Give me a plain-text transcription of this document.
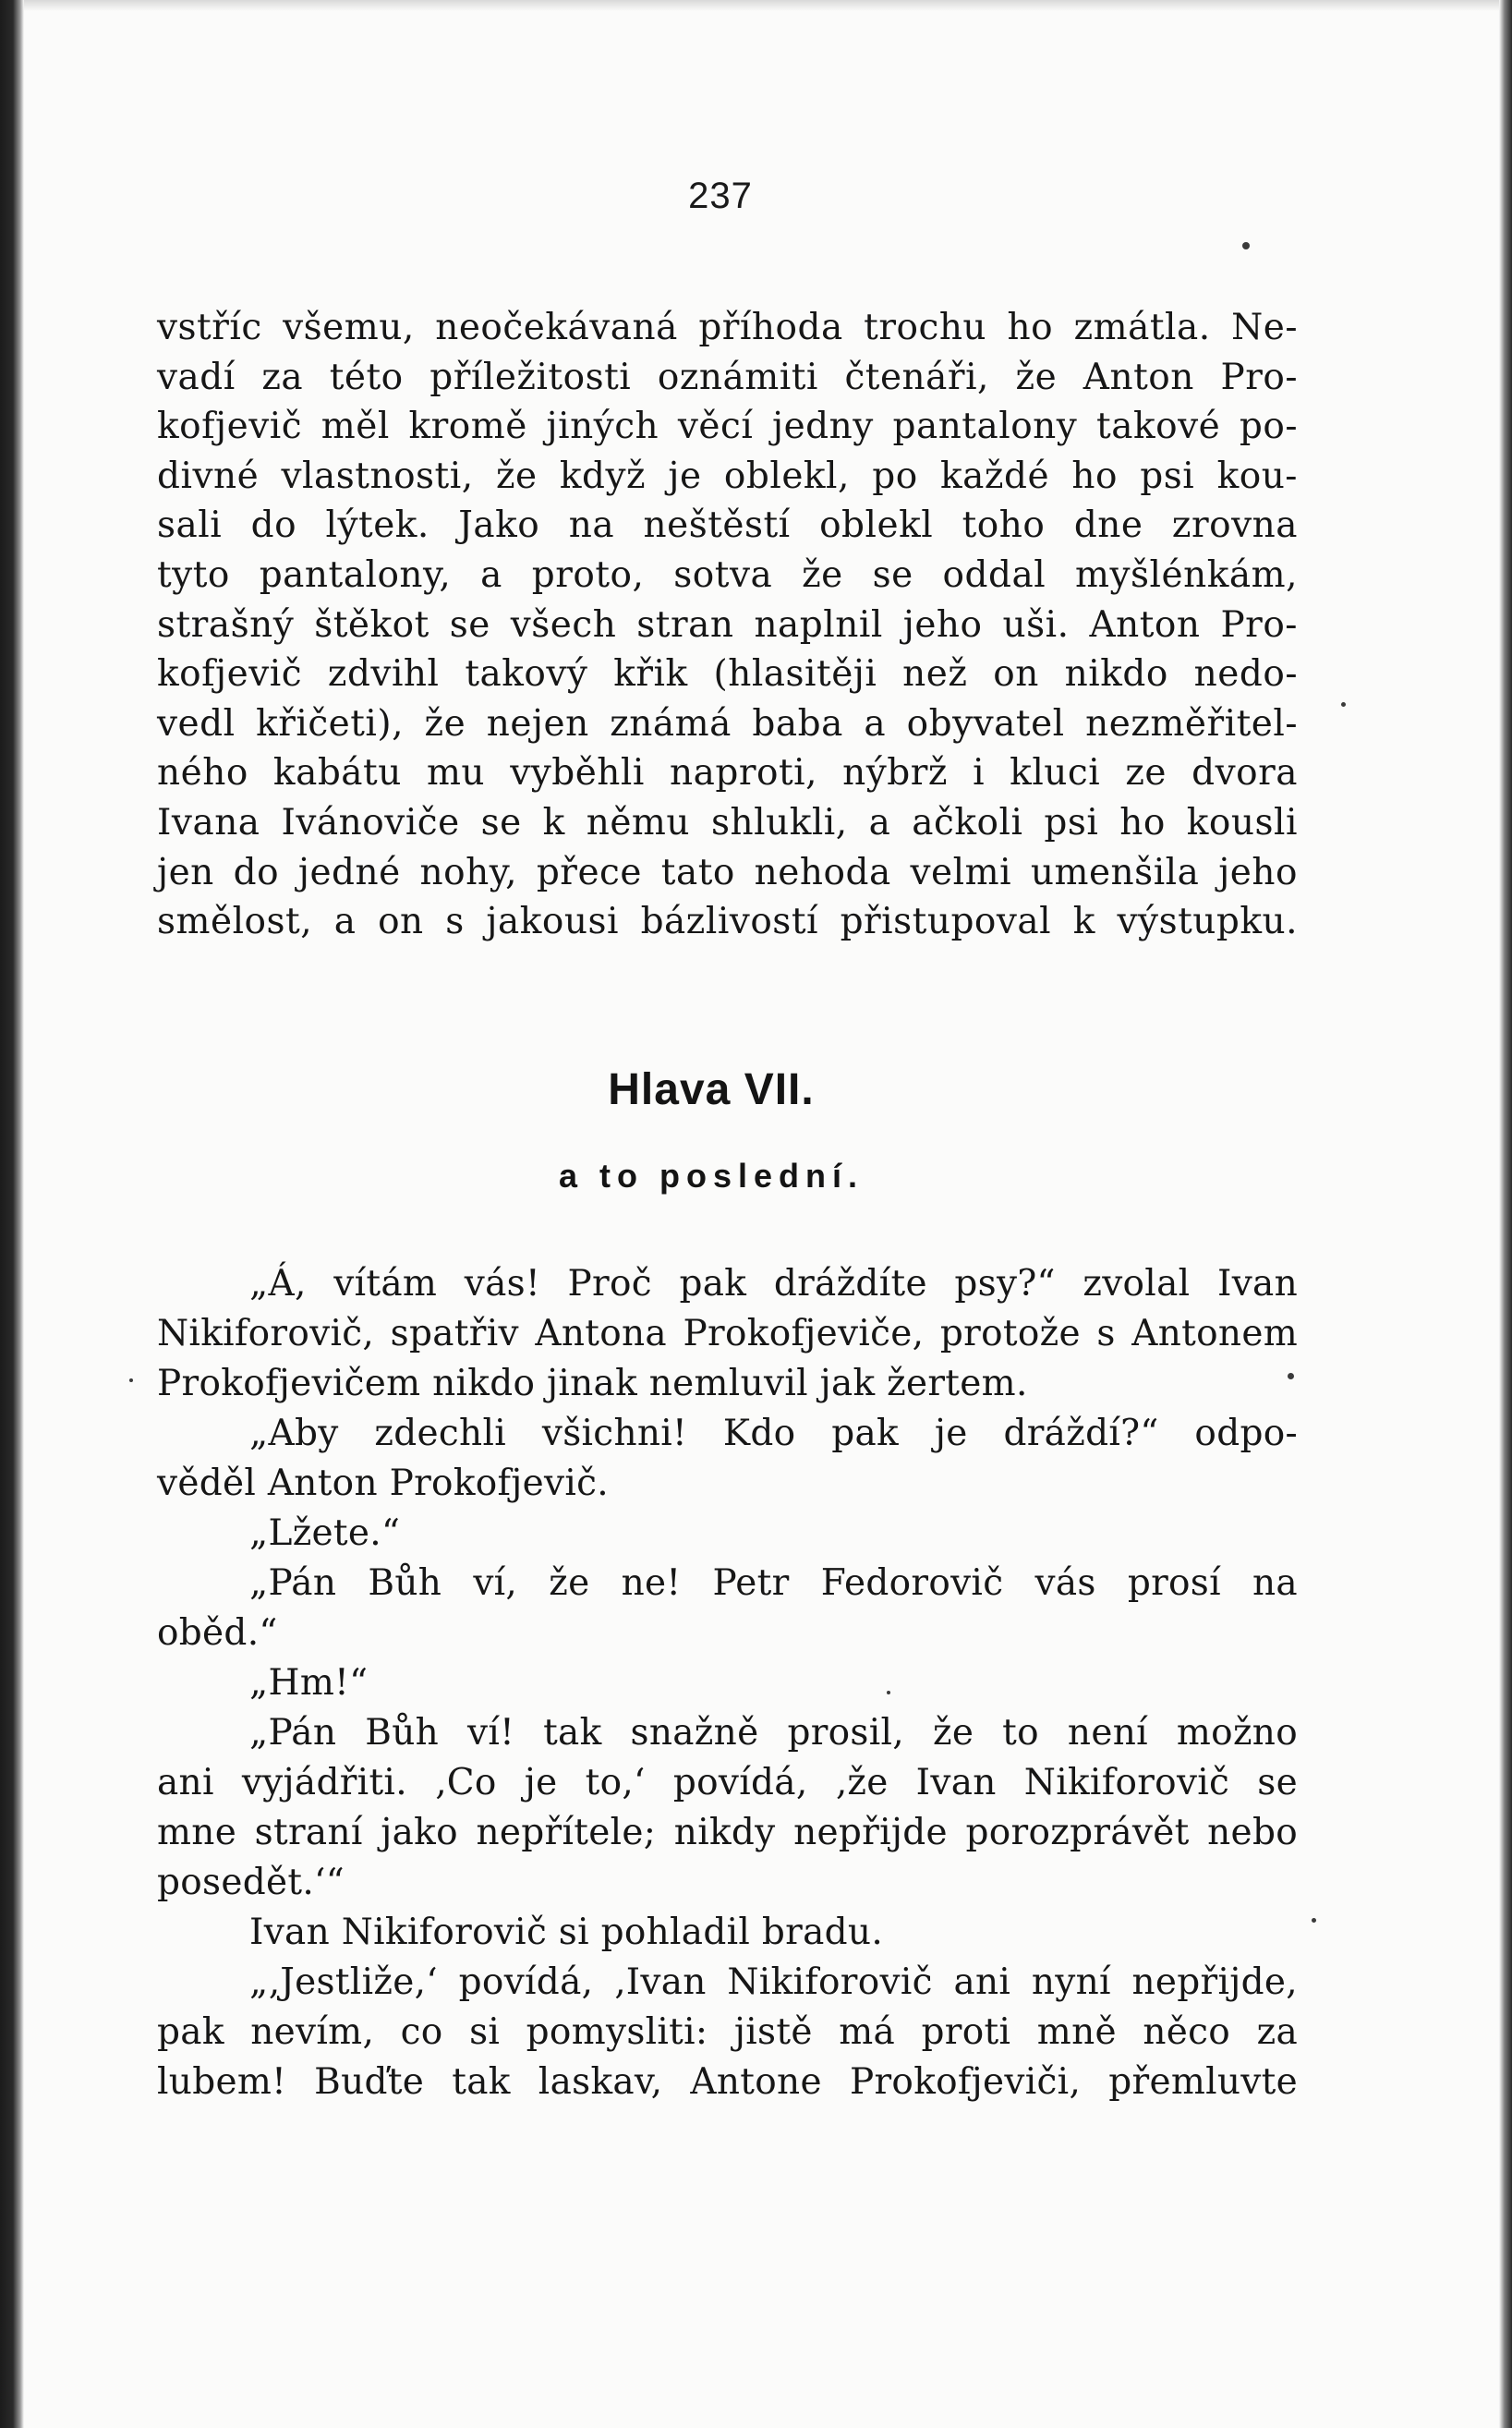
237
vstříc všemu, neočekávaná příhoda trochu ho zmátla. Ne-
vadí za této příležitosti oznámiti čtenáři, že Anton Pro-
kofjevič měl kromě jiných věcí jedny pantalony takové po-
divné vlastnosti, že když je oblekl, po každé ho psi kou-
sali do lýtek. Jako na neštěstí oblekl toho dne zrovna
tyto pantalony, a proto, sotva že se oddal myšlénkám,
strašný štěkot se všech stran naplnil jeho uši. Anton Pro-
kofjevič zdvihl takový křik (hlasitěji než on nikdo nedo-
vedl křičeti), že nejen známá baba a obyvatel nezměřitel-
ného kabátu mu vyběhli naproti, nýbrž i kluci ze dvora
Ivana Ivánoviče se k němu shlukli, a ačkoli psi ho kousli
jen do jedné nohy, přece tato nehoda velmi umenšila jeho
smělost, a on s jakousi bázlivostí přistupoval k výstupku.
Hlava VII.
a to poslední.
„Á, vítám vás! Proč pak dráždíte psy?“ zvolal Ivan
Nikiforovič, spatřiv Antona Prokofjeviče, protože s Antonem
Prokofjevičem nikdo jinak nemluvil jak žertem.
„Aby zdechli všichni! Kdo pak je dráždí?“ odpo-
věděl Anton Prokofjevič.
„Lžete.“
„Pán Bůh ví, že ne! Petr Fedorovič vás prosí na
oběd.“
„Hm!“
„Pán Bůh ví! tak snažně prosil, že to není možno
ani vyjádřiti. ‚Co je to,‘ povídá, ‚že Ivan Nikiforovič se
mne straní jako nepřítele; nikdy nepřijde porozprávět nebo
posedět.‘“
Ivan Nikiforovič si pohladil bradu.
„‚Jestliže,‘ povídá, ‚Ivan Nikiforovič ani nyní nepřijde,
pak nevím, co si pomysliti: jistě má proti mně něco za
lubem! Buďte tak laskav, Antone Prokofjeviči, přemluvte
